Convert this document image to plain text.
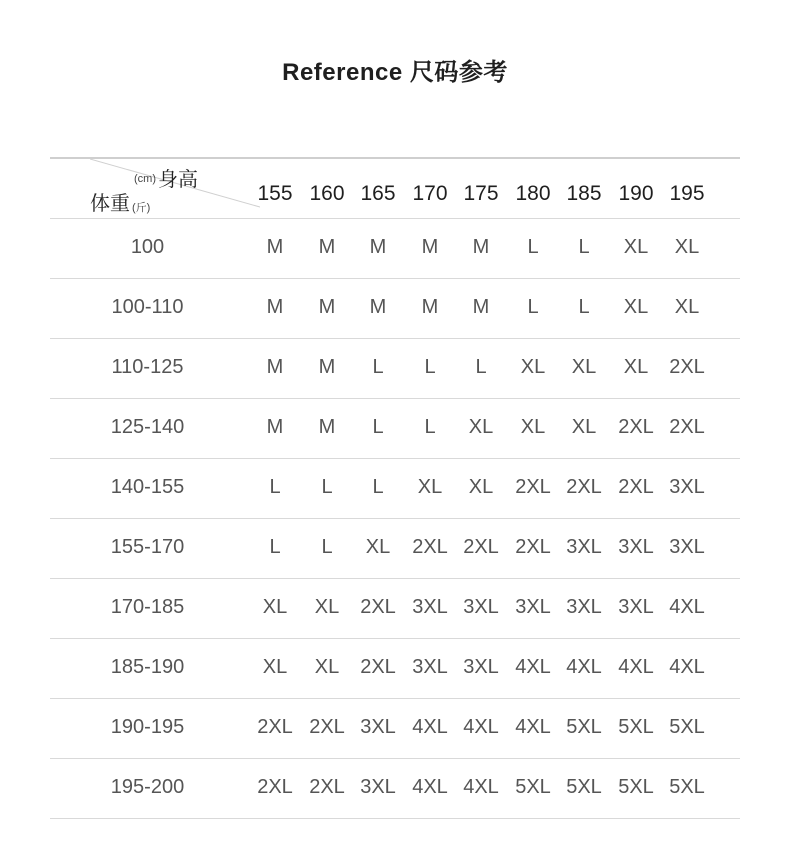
Reference 尺码参考
$^{(cm)}$ 身高
体重 (斤)
155 160 165 170 175 180 185 190 195
100	M	M	M	M	M	L	L	XL	XL
100-110	M	M	M	M	M	L	L	XL	XL
110-125	M	M	L	L	L	XL	XL	XL	2XL
125-140	M	M	L	L	XL	XL	XL	2XL 2XL
140-155	L	L	L	XL	XL	2XL 2XL 2XL 3XL
155-170	L	L	XL	2XL 2XL 2XL 3XL 3XL 3XL
170-185	XL	XL	2XL 3XL 3XL 3XL 3XL 3XL 4XL
185-190	XL	XL	2XL 3XL 3XL 4XL 4XL 4XL 4XL
190-195	2XL 2XL 3XL 4XL 4XL 4XL 5XL 5XL 5XL
195-200	2XL 2XL 3XL 4XL 4XL 5XL 5XL 5XL 5XL
